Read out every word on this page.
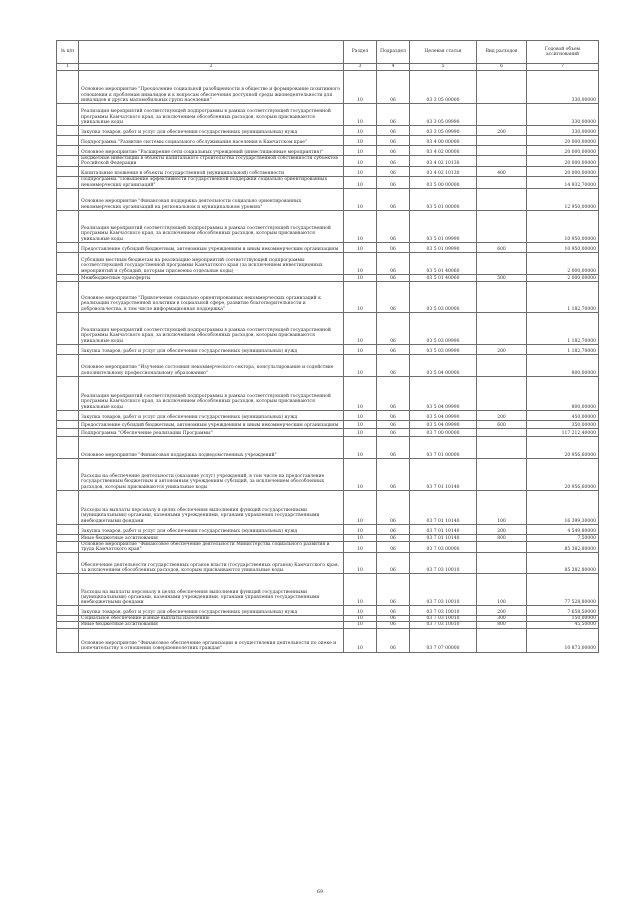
№ п/п		Раздел	Подраздел	Целевая статья	Вид расходов	Годовой объем ассигнований
1	2	3	4	5	6	7
	Основное мероприятие "Преодоление социальной разобщенности в обществе и формирование позитивного отношения к проблемам инвалидов и к вопросам обеспечения доступной среды жизнедеятельности для инвалидов и других маломобильных групп населения"	10	06	03 3 05 00000		330,00000
	Реализация мероприятий соответствующей подпрограммы в рамках соответствующей государственной программы Камчатского края, за исключением обособленных расходов, которым присваиваются уникальные коды	10	06	03 3 05 09990		330,00000
	Закупка товаров, работ и услуг для обеспечения государственных (муниципальных) нужд	10	06	03 3 05 09990	200	330,00000
	Подпрограмма "Развитие системы социального обслуживания населения в Камчатском крае"	10	06	03 4 00 00000		20 000,00000
	Основное мероприятие "Расширение сети социальных учреждений (инвестиционные мероприятия)"	10	06	03 4 02 00000		20 000,00000
	Бюджетные инвестиции в объекты капитального строительства государственной собственности субъектов Российской Федерации	10	06	03 4 02 10130		20 000,00000
	Капитальные вложения в объекты государственной (муниципальной) собственности	10	06	03 4 02 10130	400	20 000,00000
	Подпрограмма "Повышение эффективности государственной поддержки социально ориентированных некоммерческих организаций"	10	06	03 5 00 00000		14 932,70000
	Основное мероприятие "Финансовая поддержка деятельности социально ориентированных некоммерческих организаций на региональном и муниципальном уровнях"	10	06	03 5 01 00000		12 950,00000
	Реализация мероприятий соответствующей подпрограммы в рамках соответствующей государственной программы Камчатского края, за исключением обособленных расходов, которым присваиваются уникальные коды	10	06	03 5 01 09990		10 950,00000
	Предоставление субсидий бюджетным, автономным учреждениям и иным некоммерческим организациям	10	06	03 5 01 09990	600	10 950,00000
	Субсидии местным бюджетам на реализацию мероприятий соответствующей подпрограммы соответствующей государственной программы Камчатского края (за исключением инвестиционных мероприятий и субсидий, которым присвоены отдельные коды)	10	06	03 5 01 40060		2 000,00000
	Межбюджетные трансферты	10	06	03 5 01 40060	500	2 000,00000
	Основное мероприятие "Привлечение социально ориентированных некоммерческих организаций к реализации государственной политики в социальной сфере, развитие благотворительности и добровольчества, в том числе информационная поддержка"	10	06	03 5 03 00000		1 182,70000
	Реализация мероприятий соответствующей подпрограммы в рамках соответствующей государственной программы Камчатского края, за исключением обособленных расходов, которым присваиваются уникальные коды	10	06	03 5 03 09990		1 182,70000
	Закупка товаров, работ и услуг для обеспечения государственных (муниципальных) нужд	10	06	03 5 03 09990	200	1 182,70000
	Основное мероприятие "Изучение состояния некоммерческого сектора, консультирование и содействие дополнительному профессиональному образованию"	10	06	03 5 04 00000		800,00000
	Реализация мероприятий соответствующей подпрограммы в рамках соответствующей государственной программы Камчатского края, за исключением обособленных расходов, которым присваиваются уникальные коды	10	06	03 5 04 09990		800,00000
	Закупка товаров, работ и услуг для обеспечения государственных (муниципальных) нужд	10	06	03 5 04 09990	200	450,00000
	Предоставление субсидий бюджетным, автономным учреждениям и иным некоммерческим организациям	10	06	03 5 04 09990	600	350,00000
	Подпрограмма "Обеспечение реализации Программы"	10	06	03 7 00 00000		117 212,40000
	Основное мероприятие "Финансовая поддержка подведомственных учреждений"	10	06	03 7 01 00000		20 956,60000
	Расходы на обеспечение деятельности (оказание услуг) учреждений, в том числе на предоставление государственным бюджетным и автономным учреждениям субсидий, за исключением обособленных расходов, которым присваиваются уникальные коды	10	06	03 7 01 10140		20 956,60000
	Расходы на выплаты персоналу в целях обеспечения выполнения функций государственными (муниципальными) органами, казенными учреждениями, органами управления государственными внебюджетными фондами	10	06	03 7 01 10140	100	16 399,30000
	Закупка товаров, работ и услуг для обеспечения государственных (муниципальных) нужд	10	06	03 7 01 10140	200	4 549,80000
	Иные бюджетные ассигнования	10	06	03 7 01 10140	800	7,50000
	Основное мероприятие "Финансовое обеспечение деятельности Министерства социального развития и труда Камчатского края"	10	06	03 7 03 00000		85 382,80000
	Обеспечение деятельности государственных органов власти (государственных органов) Камчатского края, за исключением обособленных расходов, которым присваиваются уникальные коды	10	06	03 7 03 10010		85 382,80000
	Расходы на выплаты персоналу в целях обеспечения выполнения функций государственными (муниципальными) органами, казенными учреждениями, органами управления государственными внебюджетными фондами	10	06	03 7 03 10010	100	77 528,80000
	Закупка товаров, работ и услуг для обеспечения государственных (муниципальных) нужд	10	06	03 7 03 10010	200	7 658,50000
	Социальное обеспечение и иные выплаты населению	10	06	03 7 03 10010	300	150,00000
	Иные бюджетные ассигнования	10	06	03 7 03 10010	800	45,50000
	Основное мероприятие "Финансовое обеспечение организации и осуществления деятельности по опеке и попечительству в отношении совершеннолетних граждан"	10	06	03 7 07 00000		10 873,00000
69
